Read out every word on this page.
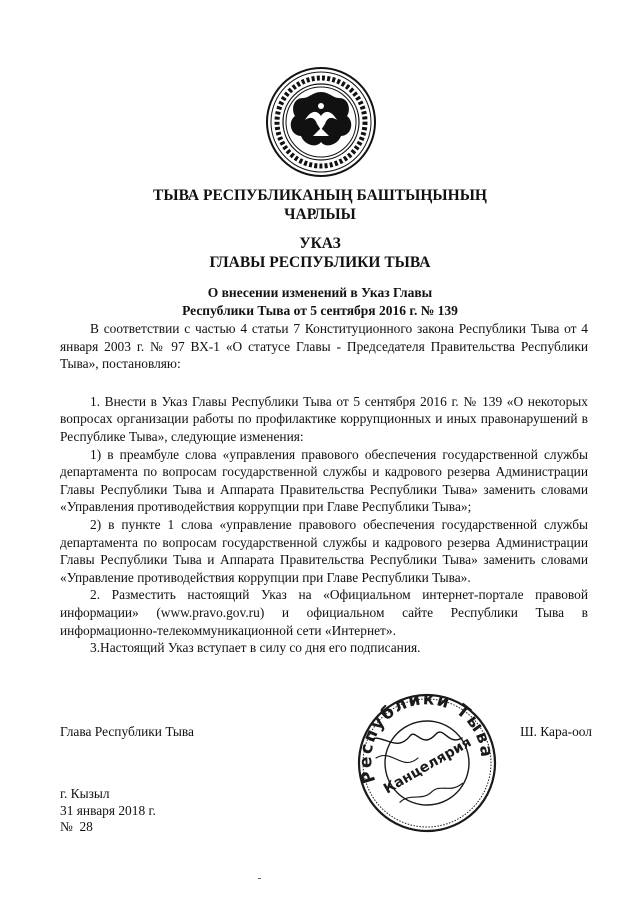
ТЫВА РЕСПУБЛИКАНЫҢ БАШТЫҢЫНЫҢ
ЧАРЛЫЫ
УКАЗ
ГЛАВЫ РЕСПУБЛИКИ ТЫВА
О внесении изменений в Указ Главы
Республики Тыва от 5 сентября 2016 г. № 139

В соответствии с частью 4 статьи 7 Конституционного закона Республики Тыва от 4 января 2003 г. № 97 ВХ-1 «О статусе Главы - Председателя Правительства Республики Тыва», постановляю:

1. Внести в Указ Главы Республики Тыва от 5 сентября 2016 г. № 139 «О некоторых вопросах организации работы по профилактике коррупционных и иных правонарушений в Республике Тыва», следующие изменения:

1) в преамбуле слова «управления правового обеспечения государственной службы департамента по вопросам государственной службы и кадрового резерва Администрации Главы Республики Тыва и Аппарата Правительства Республики Тыва» заменить словами «Управления противодействия коррупции при Главе Республики Тыва»;

2) в пункте 1 слова «управление правового обеспечения государственной службы департамента по вопросам государственной службы и кадрового резерва Администрации Главы Республики Тыва и Аппарата Правительства Республики Тыва» заменить словами «Управление противодействия коррупции при Главе Республики Тыва».

2. Разместить настоящий Указ на «Официальном интернет-портале правовой информации» (www.pravo.gov.ru) и официальном сайте Республики Тыва в информационно-телекоммуникационной сети «Интернет».

3.Настоящий Указ вступает в силу со дня его подписания.

Глава Республики Тыва
Республики Тыва
Канцелярия
Ш. Кара-оол
г. Кызыл
31 января 2018 г.
№  28
